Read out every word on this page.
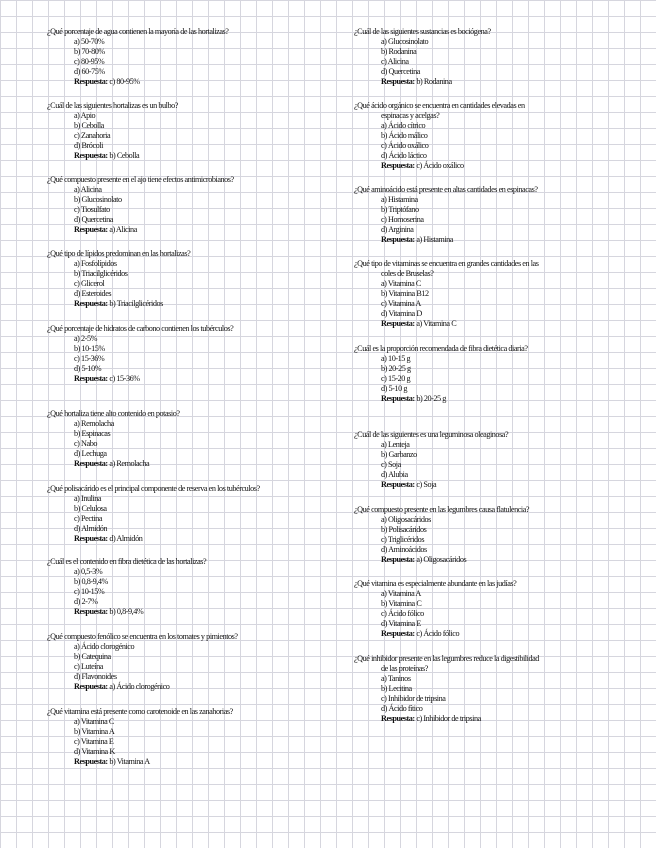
¿Qué porcentaje de agua contienen la mayoría de las hortalizas?
a) 50-70%
b) 70-80%
c) 80-95%
d) 60-75%
Respuesta: c) 80-95%
¿Cuál de las siguientes hortalizas es un bulbo?
a) Apio
b) Cebolla
c) Zanahoria
d) Brócoli
Respuesta: b) Cebolla
¿Qué compuesto presente en el ajo tiene efectos antimicrobianos?
a) Alicina
b) Glucosinolato
c) Tiosulfato
d) Quercetina
Respuesta: a) Alicina
¿Qué tipo de lípidos predominan en las hortalizas?
a) Fosfolípidos
b) Triacilglicéridos
c) Glicerol
d) Esteroides
Respuesta: b) Triacilglicéridos
¿Qué porcentaje de hidratos de carbono contienen los tubérculos?
a) 2-5%
b) 10-15%
c) 15-36%
d) 5-10%
Respuesta: c) 15-36%
¿Qué hortaliza tiene alto contenido en potasio?
a) Remolacha
b) Espinacas
c) Nabo
d) Lechuga
Respuesta: a) Remolacha
¿Qué polisacárido es el principal componente de reserva en los tubérculos?
a) Inulina
b) Celulosa
c) Pectina
d) Almidón
Respuesta: d) Almidón
¿Cuál es el contenido en fibra dietética de las hortalizas?
a) 0,5-3%
b) 0,8-9,4%
c) 10-15%
d) 2-7%
Respuesta: b) 0,8-9,4%
¿Qué compuesto fenólico se encuentra en los tomates y pimientos?
a) Ácido clorogénico
b) Catequina
c) Luteína
d) Flavonoides
Respuesta: a) Ácido clorogénico
¿Qué vitamina está presente como carotenoide en las zanahorias?
a) Vitamina C
b) Vitamina A
c) Vitamina E
d) Vitamina K
Respuesta: b) Vitamina A
¿Cuál de las siguientes sustancias es bociógena?
a) Glucosinolato
b) Rodanina
c) Alicina
d) Quercetina
Respuesta: b) Rodanina
¿Qué ácido orgánico se encuentra en cantidades elevadas en
espinacas y acelgas?
a) Ácido cítrico
b) Ácido málico
c) Ácido oxálico
d) Ácido láctico
Respuesta: c) Ácido oxálico
¿Qué aminoácido está presente en altas cantidades en espinacas?
a) Histamina
b) Triptófano
c) Homoserina
d) Arginina
Respuesta: a) Histamina
¿Qué tipo de vitaminas se encuentra en grandes cantidades en las
coles de Bruselas?
a) Vitamina C
b) Vitamina B12
c) Vitamina A
d) Vitamina D
Respuesta: a) Vitamina C
¿Cuál es la proporción recomendada de fibra dietética diaria?
a) 10-15 g
b) 20-25 g
c) 15-20 g
d) 5-10 g
Respuesta: b) 20-25 g
¿Cuál de las siguientes es una leguminosa oleaginosa?
a) Lenteja
b) Garbanzo
c) Soja
d) Alubia
Respuesta: c) Soja
¿Qué compuesto presente en las legumbres causa flatulencia?
a) Oligosacáridos
b) Polisacáridos
c) Triglicéridos
d) Aminoácidos
Respuesta: a) Oligosacáridos
¿Qué vitamina es especialmente abundante en las judías?
a) Vitamina A
b) Vitamina C
c) Ácido fólico
d) Vitamina E
Respuesta: c) Ácido fólico
¿Qué inhibidor presente en las legumbres reduce la digestibilidad
de las proteínas?
a) Taninos
b) Lecitina
c) Inhibidor de tripsina
d) Ácido fítico
Respuesta: c) Inhibidor de tripsina
